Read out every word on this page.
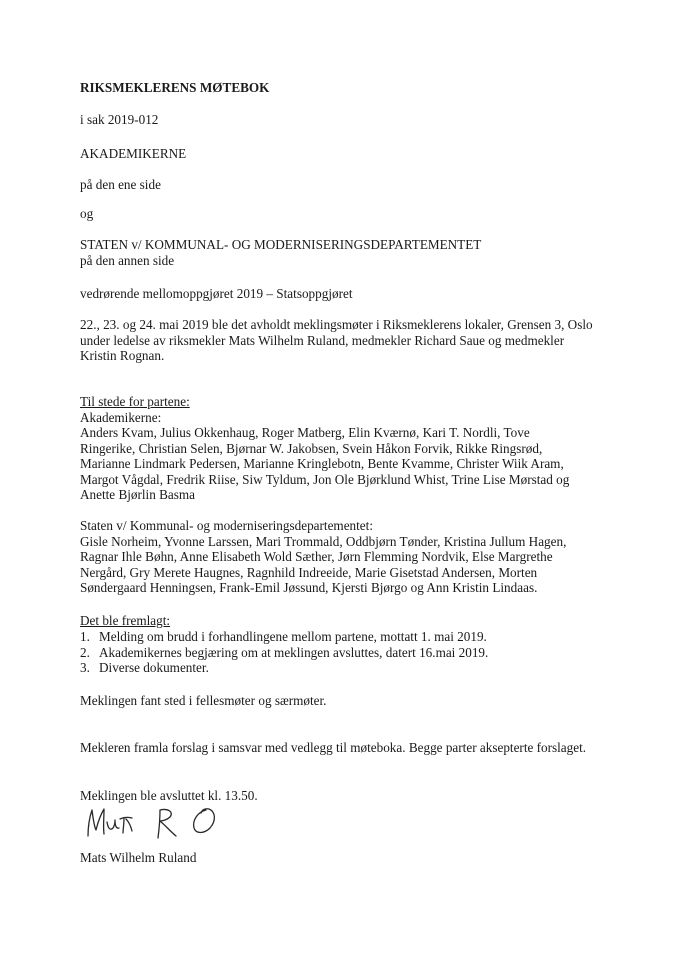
RIKSMEKLERENS MØTEBOK
i sak 2019-012
AKADEMIKERNE
på den ene side
og
STATEN v/ KOMMUNAL- OG MODERNISERINGSDEPARTEMENTET
på den annen side
vedrørende mellomoppgjøret 2019 – Statsoppgjøret
22., 23. og 24. mai 2019 ble det avholdt meklingsmøter i Riksmeklerens lokaler, Grensen 3, Oslo
under ledelse av riksmekler Mats Wilhelm Ruland, medmekler Richard Saue og medmekler
Kristin Rognan.
Til stede for partene:
Akademikerne:
Anders Kvam, Julius Okkenhaug, Roger Matberg, Elin Kværnø, Kari T. Nordli, Tove
Ringerike, Christian Selen, Bjørnar W. Jakobsen, Svein Håkon Forvik, Rikke Ringsrød,
Marianne Lindmark Pedersen, Marianne Kringlebotn, Bente Kvamme, Christer Wiik Aram,
Margot Vågdal, Fredrik Riise, Siw Tyldum, Jon Ole Bjørklund Whist, Trine Lise Mørstad og
Anette Bjørlin Basma
Staten v/ Kommunal- og moderniseringsdepartementet:
Gisle Norheim, Yvonne Larssen, Mari Trommald, Oddbjørn Tønder, Kristina Jullum Hagen,
Ragnar Ihle Bøhn, Anne Elisabeth Wold Sæther, Jørn Flemming Nordvik, Else Margrethe
Nergård, Gry Merete Haugnes, Ragnhild Indreeide, Marie Gisetstad Andersen, Morten
Søndergaard Henningsen, Frank-Emil Jøssund, Kjersti Bjørgo og Ann Kristin Lindaas.
Det ble fremlagt:
1. Melding om brudd i forhandlingene mellom partene, mottatt 1. mai 2019.
2. Akademikernes begjæring om at meklingen avsluttes, datert 16.mai 2019.
3. Diverse dokumenter.
Meklingen fant sted i fellesmøter og særmøter.
Mekleren framla forslag i samsvar med vedlegg til møteboka. Begge parter aksepterte forslaget.
Meklingen ble avsluttet kl. 13.50.
Mats Wilhelm Ruland
